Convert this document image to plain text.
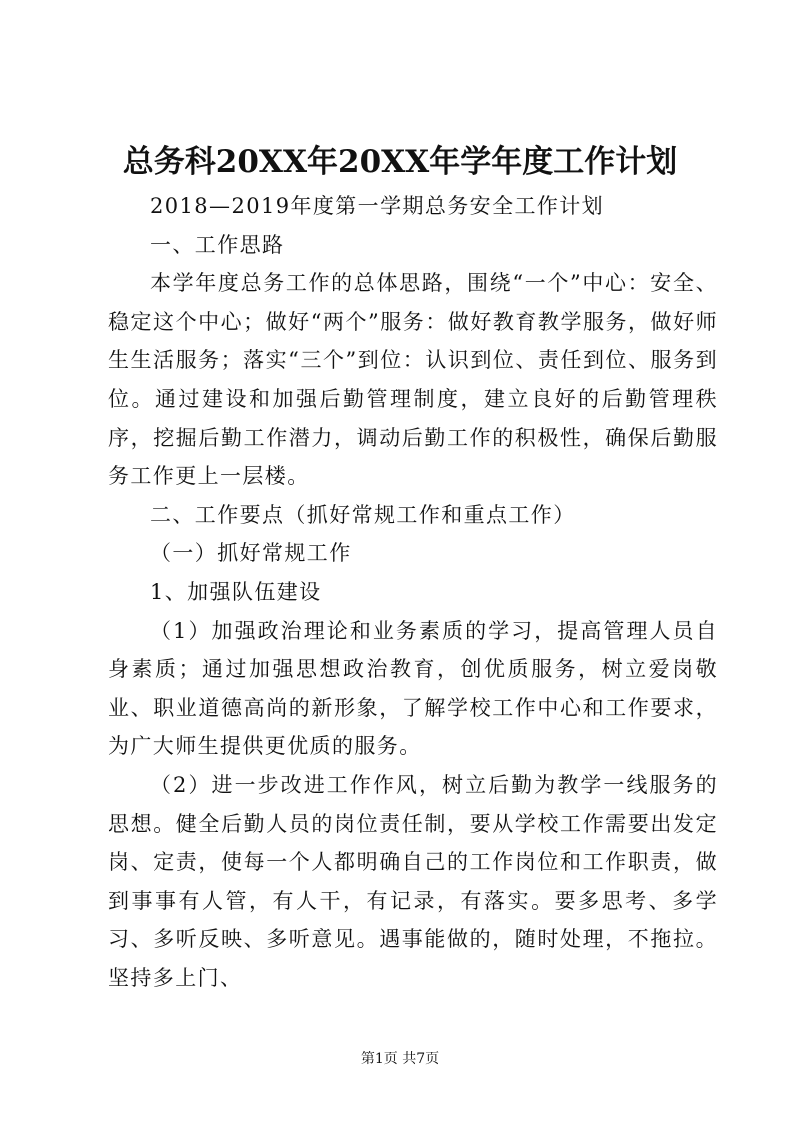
总务科20XX年20XX年学年度工作计划

2018—2019年度第一学期总务安全工作计划

一、工作思路

本学年度总务工作的总体思路，围绕“一个”中心：安全、稳定这个中心；做好“两个”服务：做好教育教学服务，做好师生生活服务；落实“三个”到位：认识到位、责任到位、服务到位。通过建设和加强后勤管理制度，建立良好的后勤管理秩序，挖掘后勤工作潜力，调动后勤工作的积极性，确保后勤服务工作更上一层楼。

二、工作要点（抓好常规工作和重点工作）

（一）抓好常规工作

1、加强队伍建设

（1）加强政治理论和业务素质的学习，提高管理人员自身素质；通过加强思想政治教育，创优质服务，树立爱岗敬业、职业道德高尚的新形象，了解学校工作中心和工作要求，为广大师生提供更优质的服务。

（2）进一步改进工作作风，树立后勤为教学一线服务的思想。健全后勤人员的岗位责任制，要从学校工作需要出发定岗、定责，使每一个人都明确自己的工作岗位和工作职责，做到事事有人管，有人干，有记录，有落实。要多思考、多学习、多听反映、多听意见。遇事能做的，随时处理，不拖拉。坚持多上门、

第1页 共7页
